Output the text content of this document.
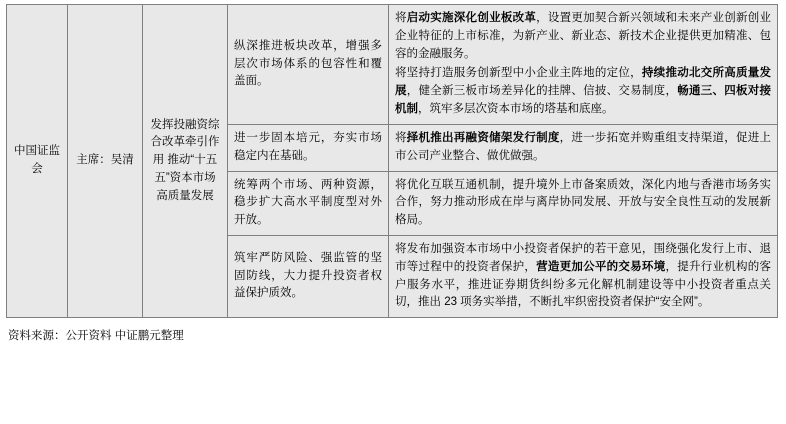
中国证监会	主席：吴清	发挥投融资综合改革牵引作用 推动“十五五”资本市场高质量发展	纵深推进板块改革，增强多层次市场体系的包容性和覆盖面。	将启动实施深化创业板改革，设置更加契合新兴领域和未来产业创新创业企业特征的上市标准，为新产业、新业态、新技术企业提供更加精准、包容的金融服务。

将坚持打造服务创新型中小企业主阵地的定位，持续推动北交所高质量发展，健全新三板市场差异化的挂牌、信披、交易制度，畅通三、四板对接机制，筑牢多层次资本市场的塔基和底座。

			进一步固本培元，夯实市场稳定内在基础。	将择机推出再融资储架发行制度，进一步拓宽并购重组支持渠道，促进上市公司产业整合、做优做强。

			统筹两个市场、两种资源，稳步扩大高水平制度型对外开放。	将优化互联互通机制，提升境外上市备案质效，深化内地与香港市场务实合作，努力推动形成在岸与离岸协同发展、开放与安全良性互动的发展新格局。

			筑牢严防风险、强监管的坚固防线，大力提升投资者权益保护质效。	将发布加强资本市场中小投资者保护的若干意见，围绕强化发行上市、退市等过程中的投资者保护，营造更加公平的交易环境，提升行业机构的客户服务水平，推进证券期货纠纷多元化解机制建设等中小投资者重点关切，推出 23 项务实举措，不断扎牢织密投资者保护“安全网”。

资料来源：公开资料 中证鹏元整理
